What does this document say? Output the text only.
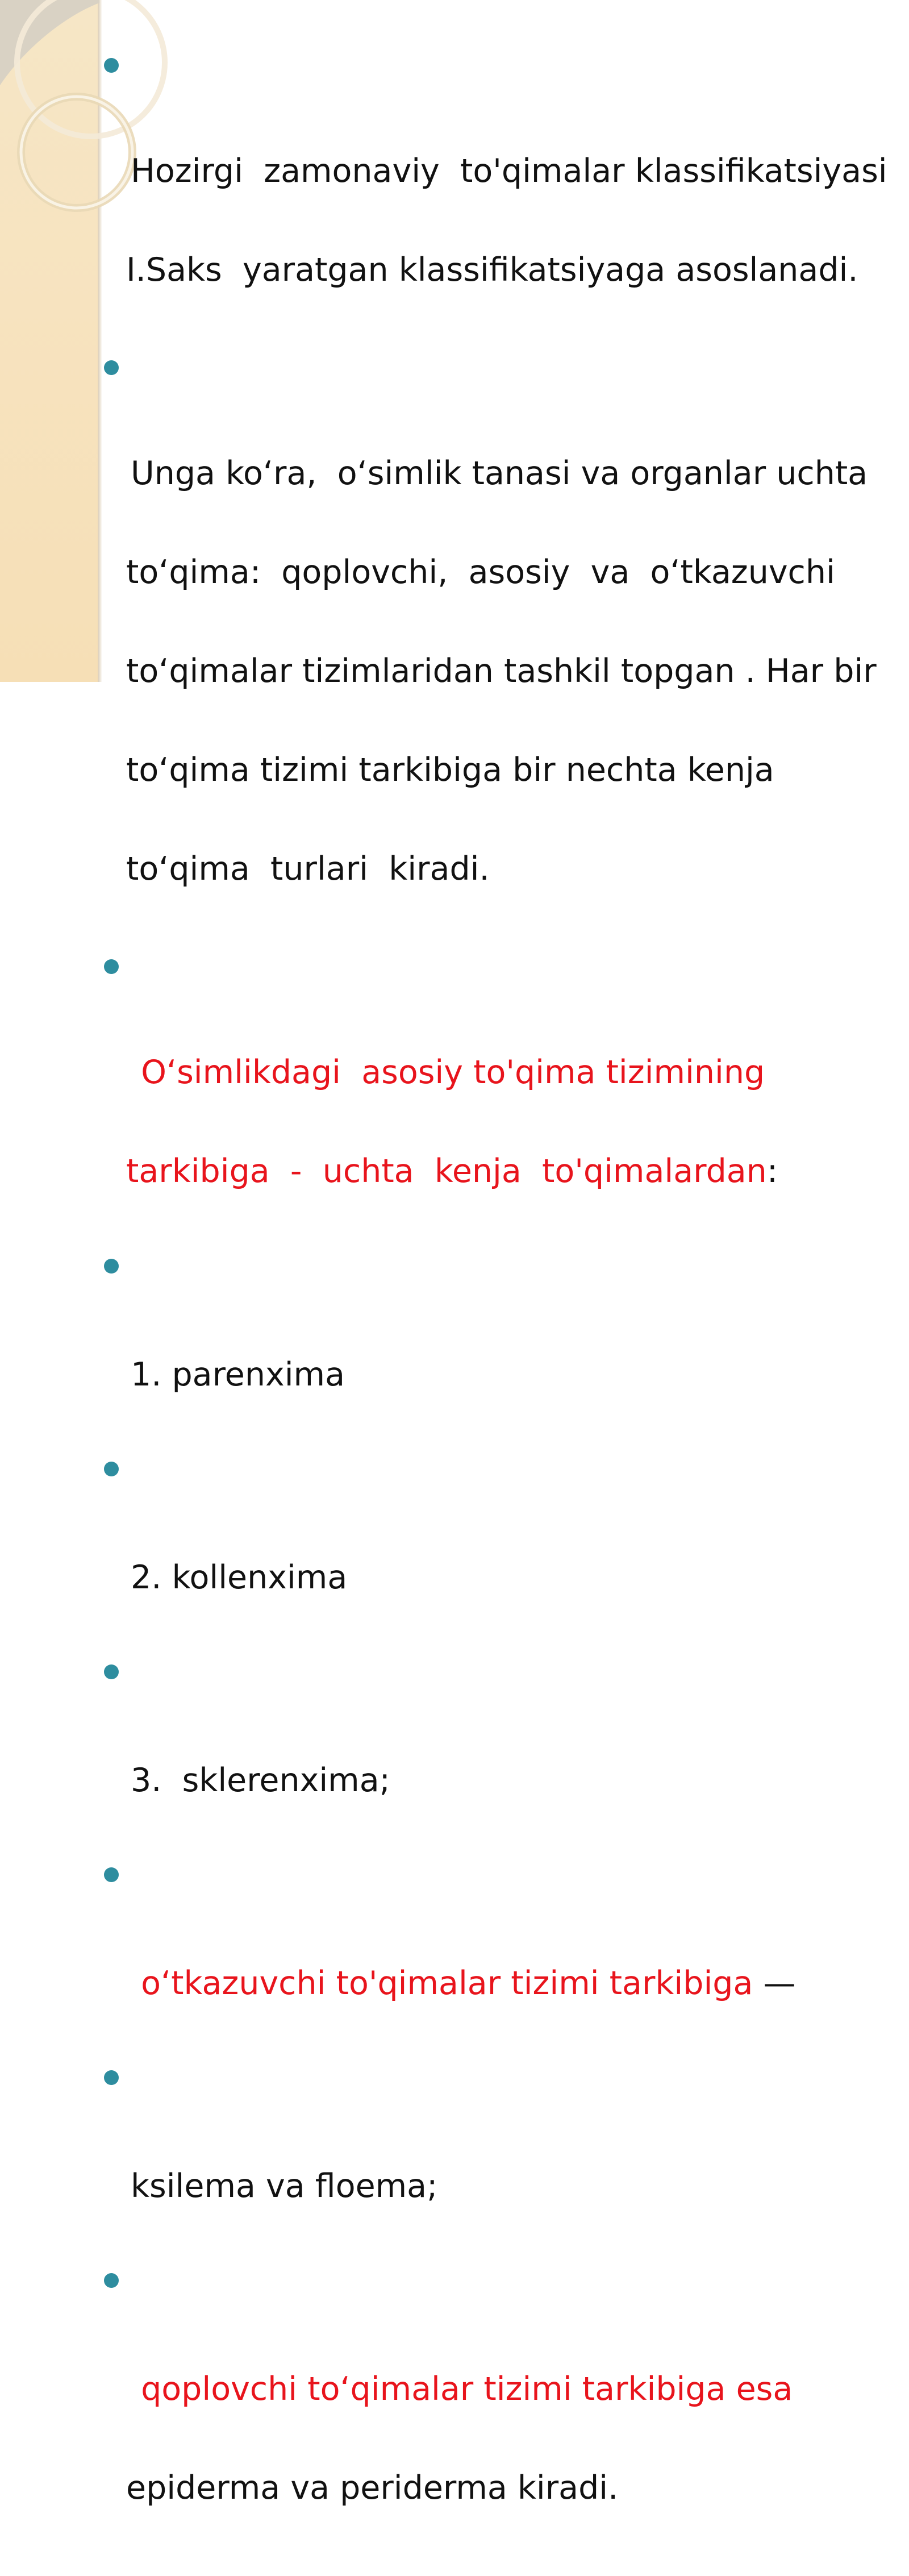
Hozirgi  zamonaviy  to'qimalar klassifikatsiyasi

I.Saks  yaratgan klassifikatsiyaga asoslanadi.

Unga ko‘ra,  o‘simlik tanasi va organlar uchta

to‘qima:  qoplovchi,  asosiy  va  o‘tkazuvchi

to‘qimalar tizimlaridan tashkil topgan . Har bir

to‘qima tizimi tarkibiga bir nechta kenja

to‘qima  turlari  kiradi.

O‘simlikdagi  asosiy to'qima tizimining

tarkibiga  -  uchta  kenja  to'qimalardan:

1. parenxima

2. kollenxima

3.  sklerenxima;

o‘tkazuvchi to'qimalar tizimi tarkibiga —

ksilema va floema;

qoplovchi to‘qimalar tizimi tarkibiga esa

epiderma va periderma kiradi.
